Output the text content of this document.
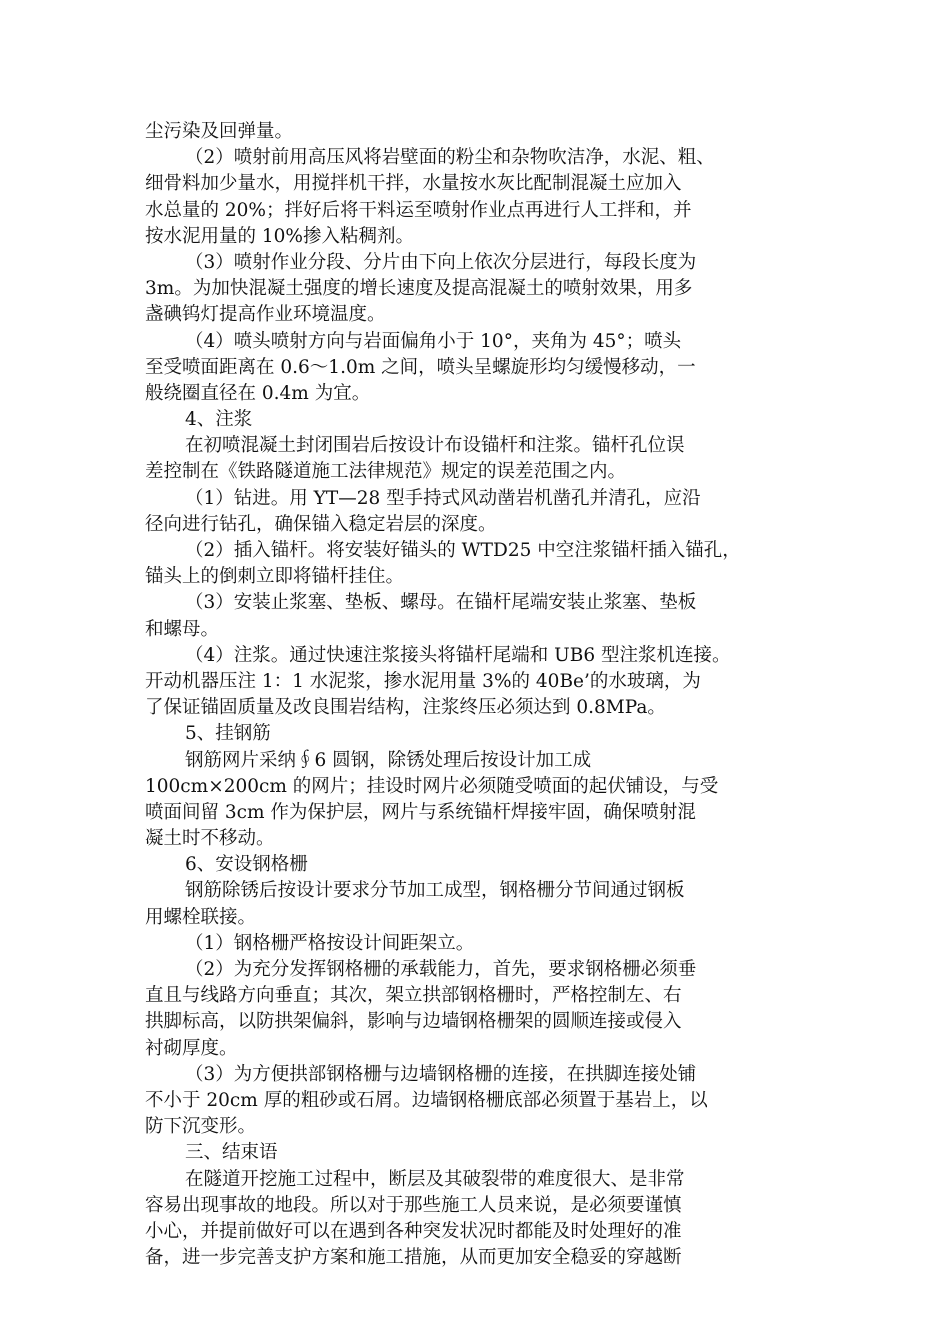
尘污染及回弹量。
（2）喷射前用高压风将岩壁面的粉尘和杂物吹洁净，水泥、粗、
细骨料加少量水，用搅拌机干拌，水量按水灰比配制混凝土应加入
水总量的 20%；拌好后将干料运至喷射作业点再进行人工拌和，并
按水泥用量的 10%掺入粘稠剂。
（3）喷射作业分段、分片由下向上依次分层进行，每段长度为
3m。为加快混凝土强度的增长速度及提高混凝土的喷射效果，用多
盏碘钨灯提高作业环境温度。
（4）喷头喷射方向与岩面偏角小于 10°，夹角为 45°；喷头
至受喷面距离在 0.6～1.0m 之间，喷头呈螺旋形均匀缓慢移动，一
般绕圈直径在 0.4m 为宜。
4、注浆
在初喷混凝土封闭围岩后按设计布设锚杆和注浆。锚杆孔位误
差控制在《铁路隧道施工法律规范》规定的误差范围之内。
（1）钻进。用 YT—28 型手持式风动凿岩机凿孔并清孔，应沿
径向进行钻孔，确保锚入稳定岩层的深度。
（2）插入锚杆。将安装好锚头的 WTD25 中空注浆锚杆插入锚孔，
锚头上的倒刺立即将锚杆挂住。
（3）安装止浆塞、垫板、螺母。在锚杆尾端安装止浆塞、垫板
和螺母。
（4）注浆。通过快速注浆接头将锚杆尾端和 UB6 型注浆机连接。
开动机器压注 1：1 水泥浆，掺水泥用量 3%的 40Be’的水玻璃，为
了保证锚固质量及改良围岩结构，注浆终压必须达到 0.8MPa。
5、挂钢筋
钢筋网片采纳∮6 圆钢，除锈处理后按设计加工成
100cm×200cm 的网片；挂设时网片必须随受喷面的起伏铺设，与受
喷面间留 3cm 作为保护层，网片与系统锚杆焊接牢固，确保喷射混
凝土时不移动。
6、安设钢格栅
钢筋除锈后按设计要求分节加工成型，钢格栅分节间通过钢板
用螺栓联接。
（1）钢格栅严格按设计间距架立。
（2）为充分发挥钢格栅的承载能力，首先，要求钢格栅必须垂
直且与线路方向垂直；其次，架立拱部钢格栅时，严格控制左、右
拱脚标高，以防拱架偏斜，影响与边墙钢格栅架的圆顺连接或侵入
衬砌厚度。
（3）为方便拱部钢格栅与边墙钢格栅的连接，在拱脚连接处铺
不小于 20cm 厚的粗砂或石屑。边墙钢格栅底部必须置于基岩上，以
防下沉变形。
三、结束语
在隧道开挖施工过程中，断层及其破裂带的难度很大、是非常
容易出现事故的地段。所以对于那些施工人员来说，是必须要谨慎
小心，并提前做好可以在遇到各种突发状况时都能及时处理好的准
备，进一步完善支护方案和施工措施，从而更加安全稳妥的穿越断
